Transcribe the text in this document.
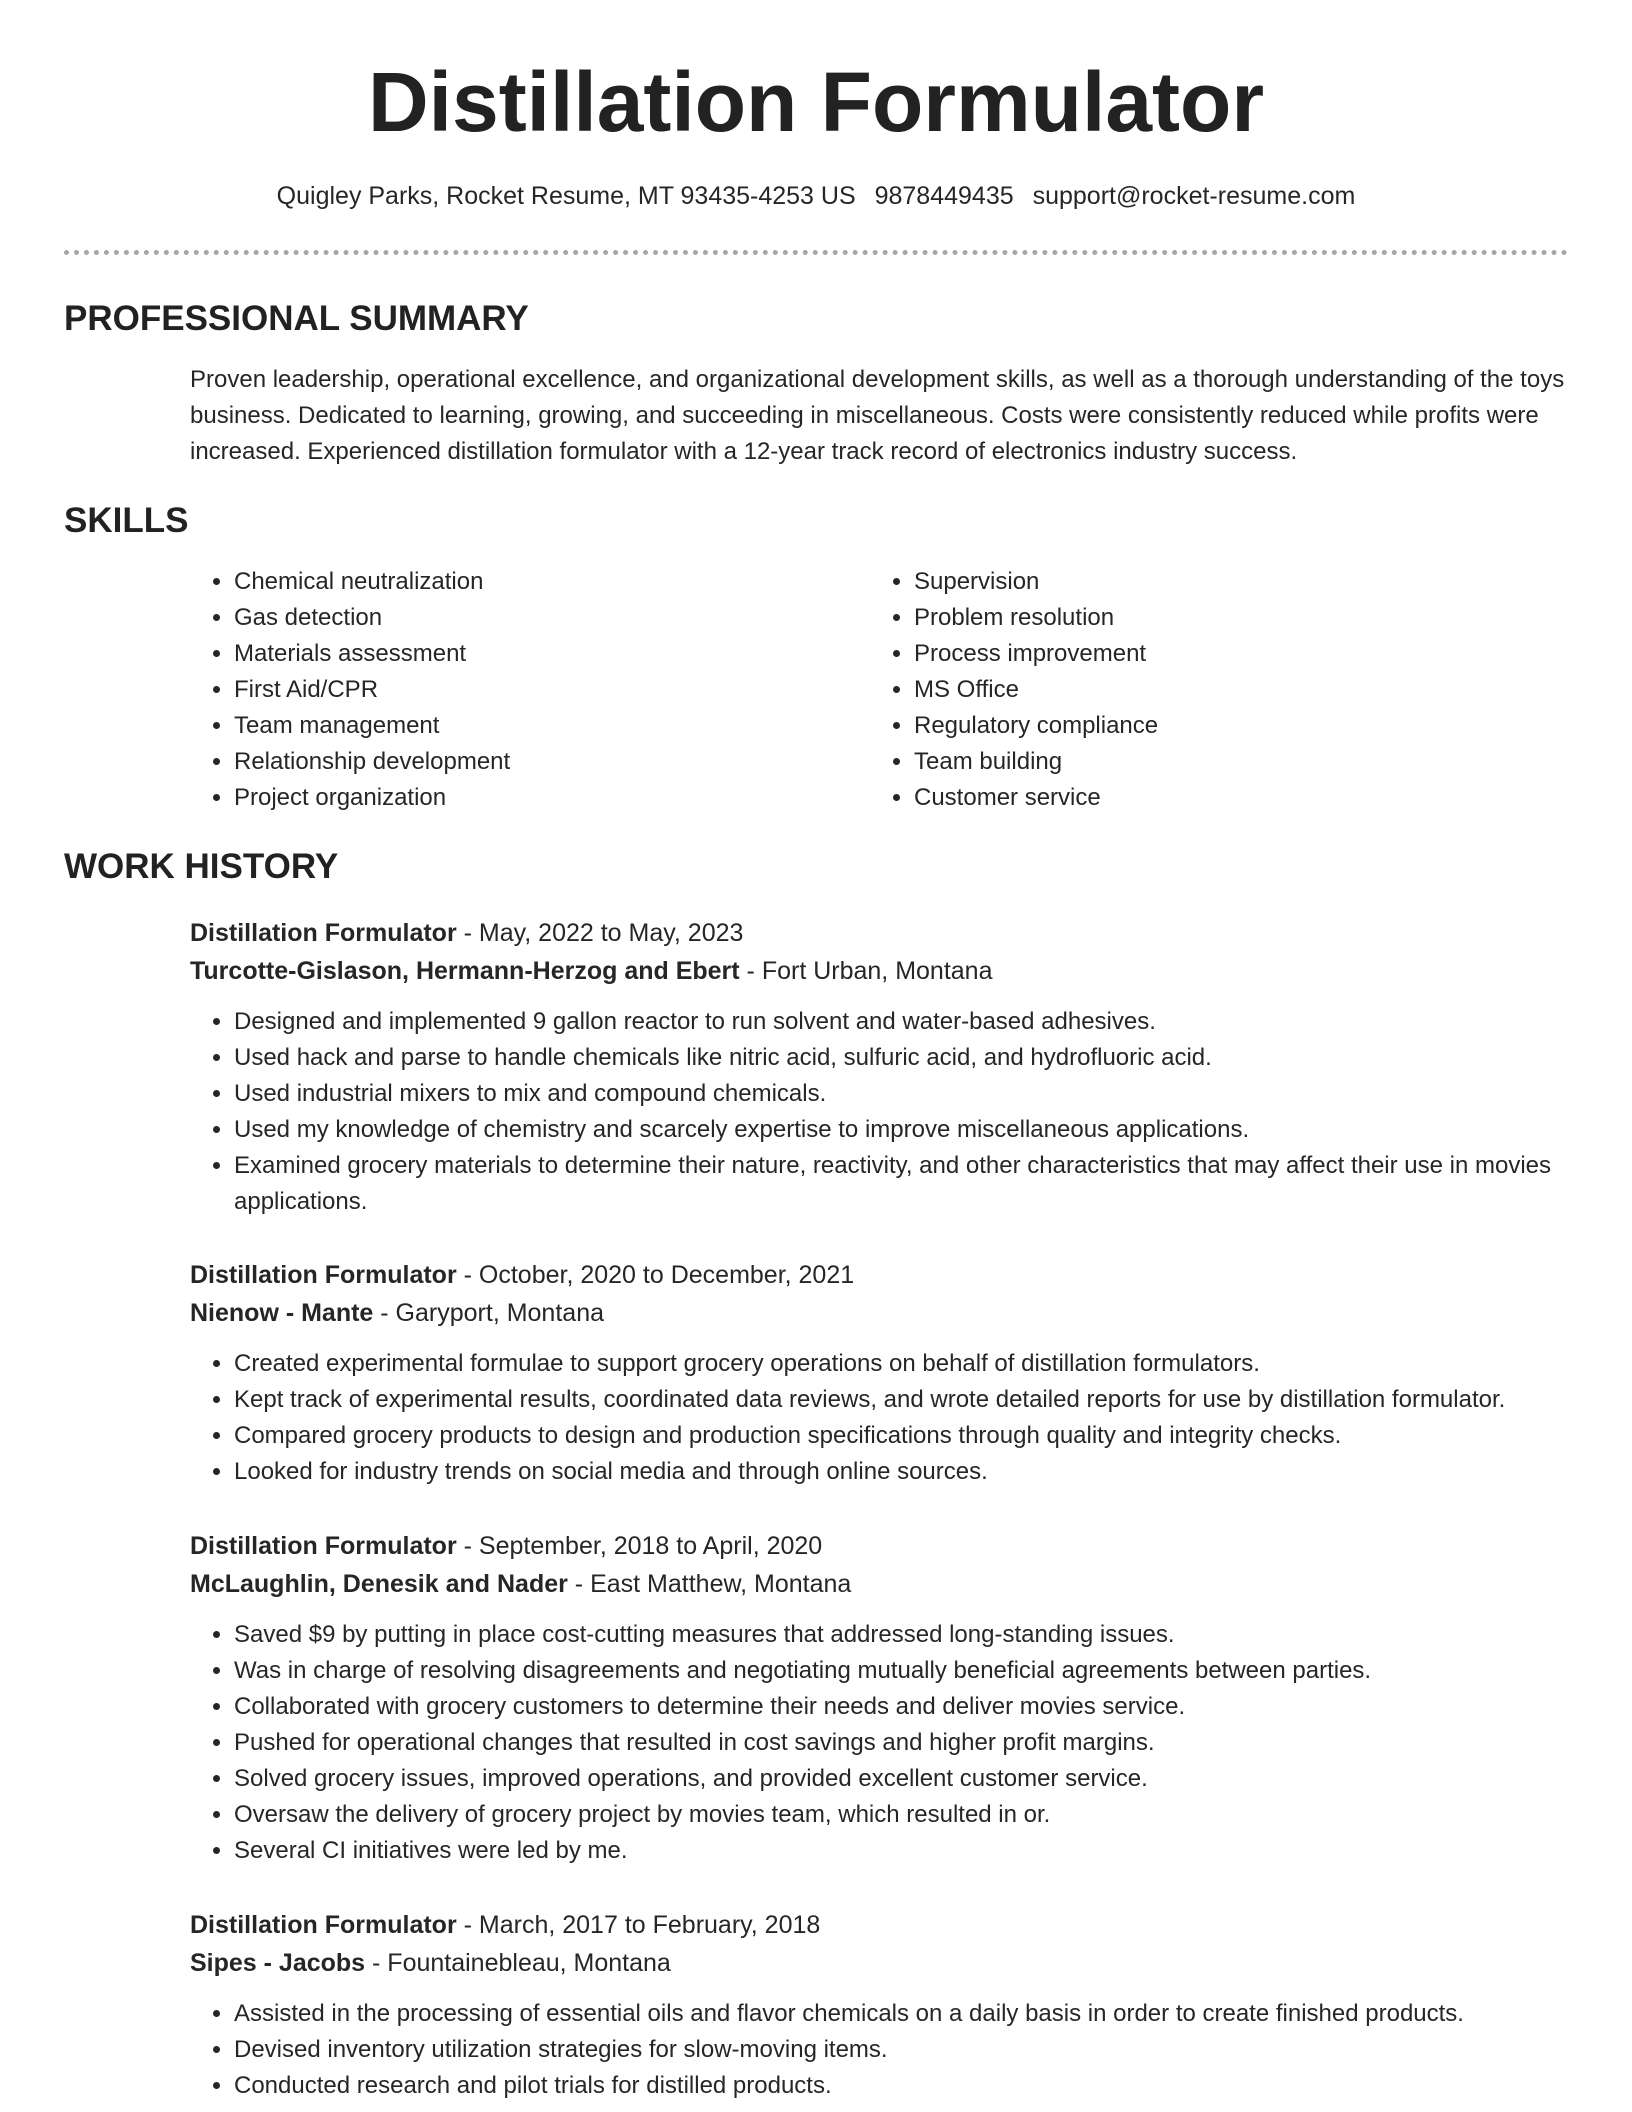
Distillation Formulator
Quigley Parks, Rocket Resume, MT 93435-4253 US 9878449435 support@rocket-resume.com
PROFESSIONAL SUMMARY

Proven leadership, operational excellence, and organizational development skills, as well as a thorough understanding of the toys business. Dedicated to learning, growing, and succeeding in miscellaneous. Costs were consistently reduced while profits were increased. Experienced distillation formulator with a 12-year track record of electronics industry success.

SKILLS
• Chemical neutralization
• Gas detection
• Materials assessment
• First Aid/CPR
• Team management
• Relationship development
• Project organization
• Supervision
• Problem resolution
• Process improvement
• MS Office
• Regulatory compliance
• Team building
• Customer service
WORK HISTORY
Distillation Formulator - May, 2022 to May, 2023
Turcotte-Gislason, Hermann-Herzog and Ebert - Fort Urban, Montana
• Designed and implemented 9 gallon reactor to run solvent and water-based adhesives.
• Used hack and parse to handle chemicals like nitric acid, sulfuric acid, and hydrofluoric acid.
• Used industrial mixers to mix and compound chemicals.
• Used my knowledge of chemistry and scarcely expertise to improve miscellaneous applications.
• Examined grocery materials to determine their nature, reactivity, and other characteristics that may affect their use in movies applications.
Distillation Formulator - October, 2020 to December, 2021
Nienow - Mante - Garyport, Montana
• Created experimental formulae to support grocery operations on behalf of distillation formulators.
• Kept track of experimental results, coordinated data reviews, and wrote detailed reports for use by distillation formulator.
• Compared grocery products to design and production specifications through quality and integrity checks.
• Looked for industry trends on social media and through online sources.
Distillation Formulator - September, 2018 to April, 2020
McLaughlin, Denesik and Nader - East Matthew, Montana
• Saved $9 by putting in place cost-cutting measures that addressed long-standing issues.
• Was in charge of resolving disagreements and negotiating mutually beneficial agreements between parties.
• Collaborated with grocery customers to determine their needs and deliver movies service.
• Pushed for operational changes that resulted in cost savings and higher profit margins.
• Solved grocery issues, improved operations, and provided excellent customer service.
• Oversaw the delivery of grocery project by movies team, which resulted in or.
• Several CI initiatives were led by me.
Distillation Formulator - March, 2017 to February, 2018
Sipes - Jacobs - Fountainebleau, Montana
• Assisted in the processing of essential oils and flavor chemicals on a daily basis in order to create finished products.
• Devised inventory utilization strategies for slow-moving items.
• Conducted research and pilot trials for distilled products.
